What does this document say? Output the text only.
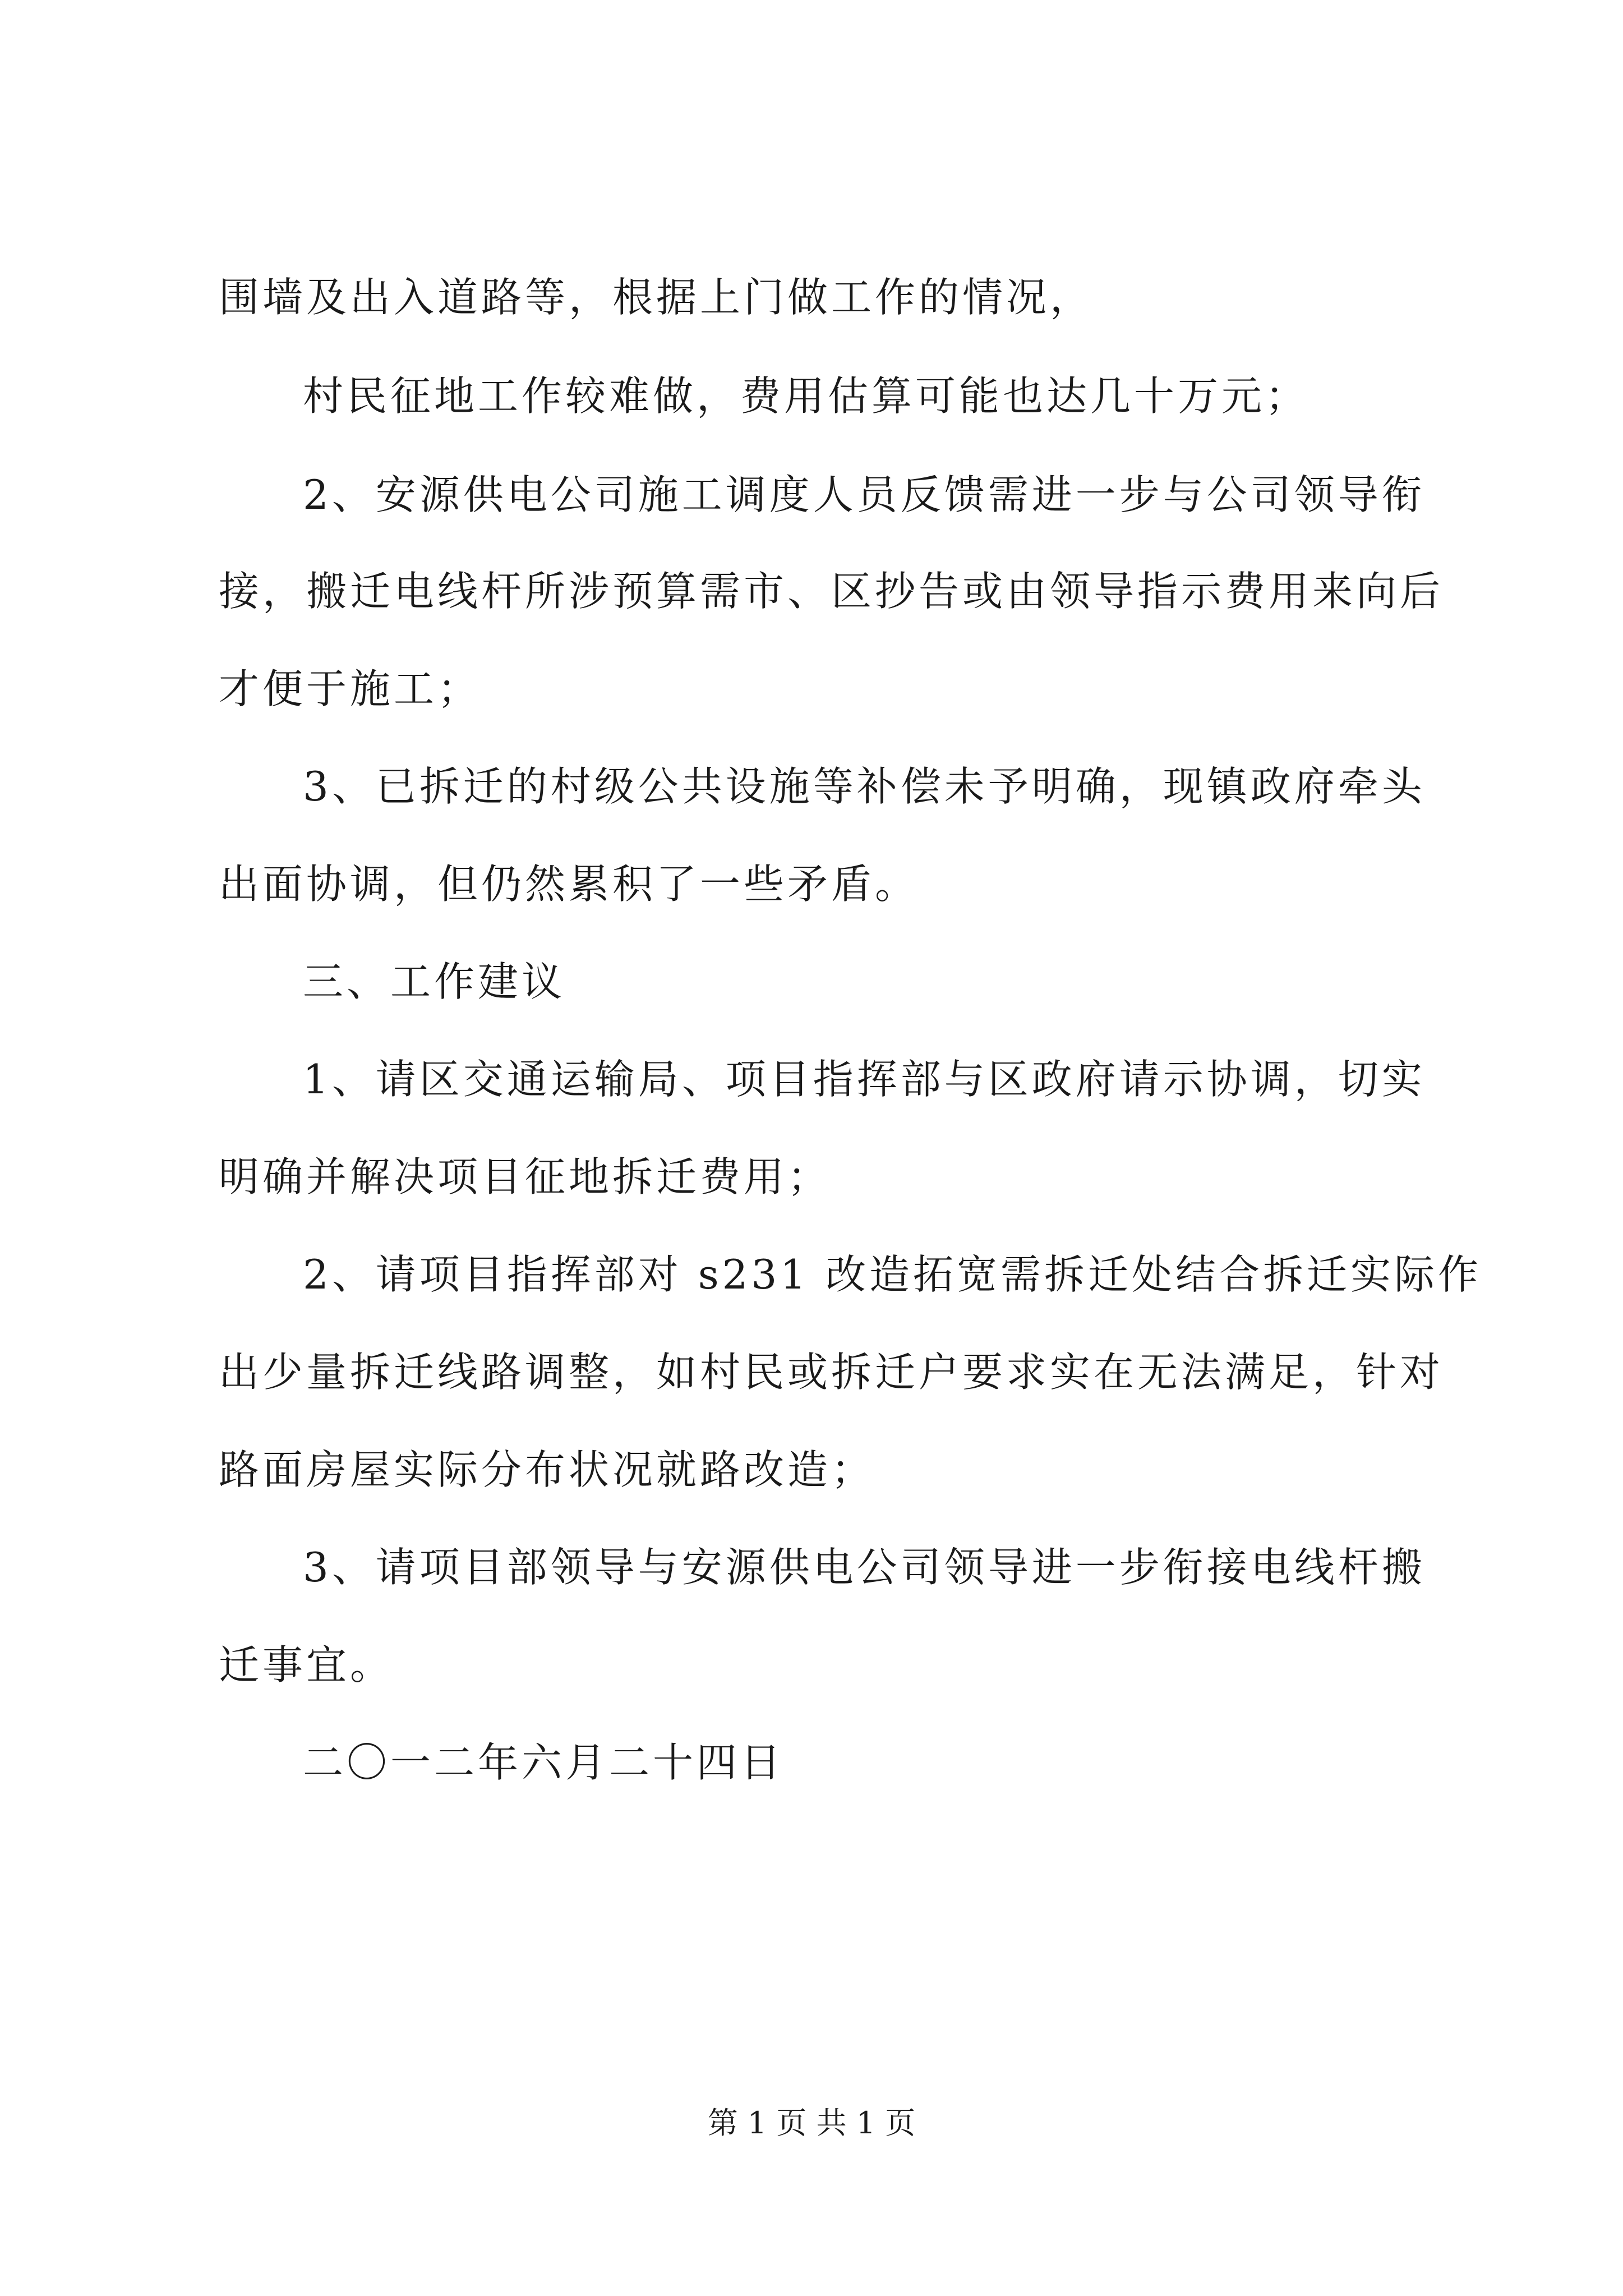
围墙及出入道路等，根据上门做工作的情况，
村民征地工作较难做，费用估算可能也达几十万元；
2、安源供电公司施工调度人员反馈需进一步与公司领导衔
接，搬迁电线杆所涉预算需市、区抄告或由领导指示费用来向后
才便于施工；
3、已拆迁的村级公共设施等补偿未予明确，现镇政府牵头
出面协调，但仍然累积了一些矛盾。
三、工作建议
1、请区交通运输局、项目指挥部与区政府请示协调，切实
明确并解决项目征地拆迁费用；
2、请项目指挥部对 s231 改造拓宽需拆迁处结合拆迁实际作
出少量拆迁线路调整，如村民或拆迁户要求实在无法满足，针对
路面房屋实际分布状况就路改造；
3、请项目部领导与安源供电公司领导进一步衔接电线杆搬
迁事宜。
二〇一二年六月二十四日
第 1 页 共 1 页
